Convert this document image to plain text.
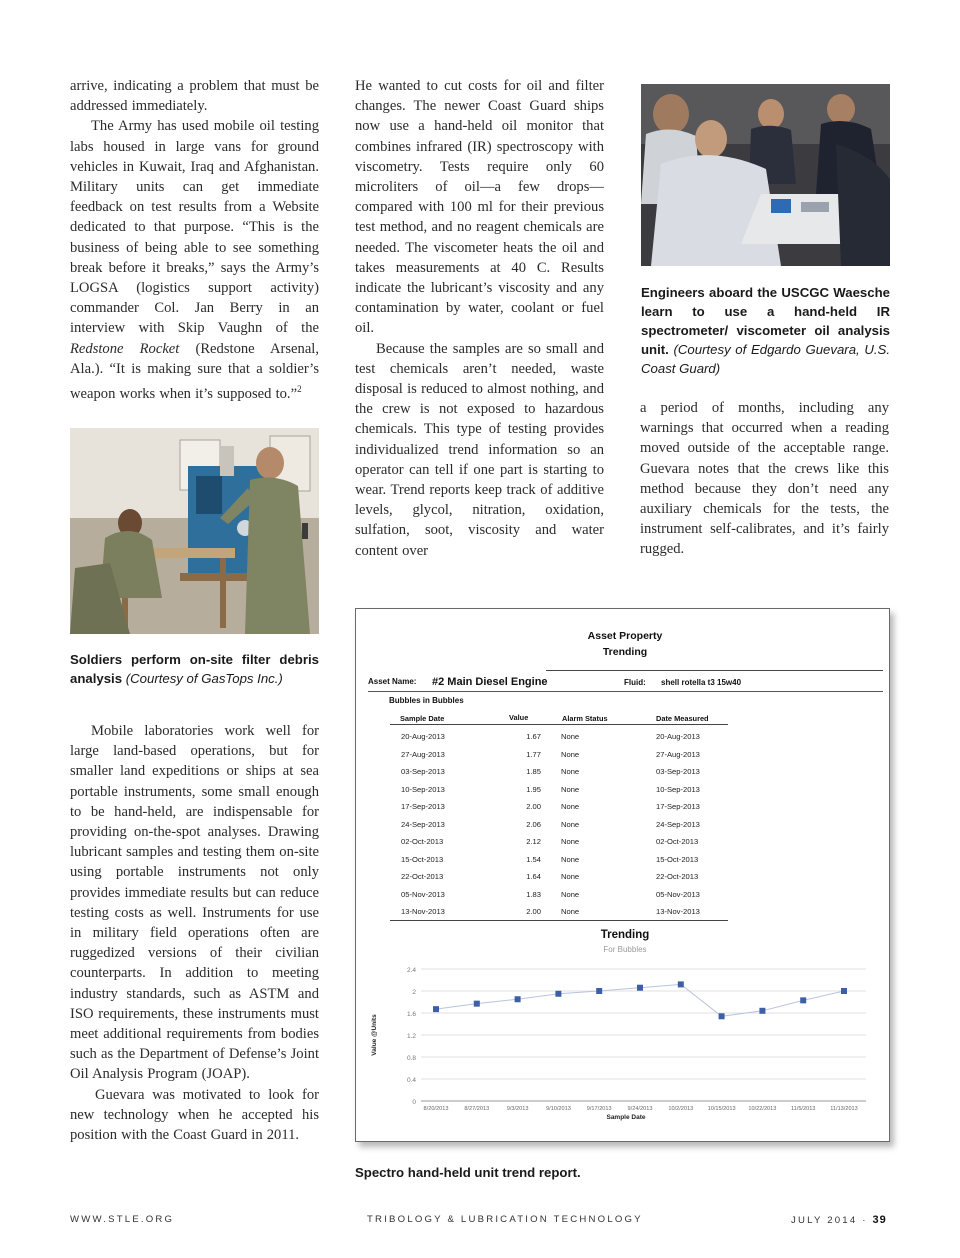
arrive, indicating a problem that must be addressed immediately.

The Army has used mobile oil testing labs housed in large vans for ground vehicles in Kuwait, Iraq and Afghanistan. Military units can get immediate feedback on test results from a Website dedicated to that purpose. “This is the business of being able to see something break before it breaks,” says the Army’s LOGSA (logistics support activity) commander Col. Jan Berry in an interview with Skip Vaughn of the Redstone Rocket (Redstone Arsenal, Ala.). “It is making sure that a soldier’s weapon works when it’s supposed to.”$^2$

Soldiers perform on-site filter debris analysis (Courtesy of GasTops Inc.)

Mobile laboratories work well for large land-based operations, but for smaller land expeditions or ships at sea portable instruments, some small enough to be hand-held, are indispensable for providing on-the-spot analyses. Drawing lubricant samples and testing them on-site using portable instruments not only provides immediate results but can reduce testing costs as well. Instruments for use in military field operations often are ruggedized versions of their civilian counterparts. In addition to meeting industry standards, such as ASTM and ISO requirements, these instruments must meet additional requirements from bodies such as the Department of Defense’s Joint Oil Analysis Program (JOAP).

Guevara was motivated to look for new technology when he accepted his position with the Coast Guard in 2011.

He wanted to cut costs for oil and filter changes. The newer Coast Guard ships now use a hand-held oil monitor that combines infrared (IR) spectroscopy with viscometry. Tests require only 60 microliters of oil—a few drops—compared with 100 ml for their previous test method, and no reagent chemicals are needed. The viscometer heats the oil and takes measurements at 40 C. Results indicate the lubricant’s viscosity and any contamination by water, coolant or fuel oil.

Because the samples are so small and test chemicals aren’t needed, waste disposal is reduced to almost nothing, and the crew is not exposed to hazardous chemicals. This type of testing provides individualized trend information so an operator can tell if one part is starting to wear. Trend reports keep track of additive levels, glycol, nitration, oxidation, sulfation, soot, viscosity and water content over

Engineers aboard the USCGC Waesche learn to use a hand-held IR spectrometer/ viscometer oil analysis unit. (Courtesy of Edgardo Guevara, U.S. Coast Guard)

a period of months, including any warnings that occurred when a reading moved outside of the acceptable range. Guevara notes that the crews like this method because they don’t need any auxiliary chemicals for the tests, the instrument self-calibrates, and it’s fairly rugged.

Asset Property
Trending
Asset Name: #2 Main Diesel Engine	Fluid: shell rotella t3 15w40
Bubbles in Bubbles
Sample Date	Value	Alarm Status	Date Measured
20-Aug-2013	1.67	None	20-Aug-2013
27-Aug-2013	1.77	None	27-Aug-2013
03-Sep-2013	1.85	None	03-Sep-2013
10-Sep-2013	1.95	None	10-Sep-2013
17-Sep-2013	2.00	None	17-Sep-2013
24-Sep-2013	2.06	None	24-Sep-2013
02-Oct-2013	2.12	None	02-Oct-2013
15-Oct-2013	1.54	None	15-Oct-2013
22-Oct-2013	1.64	None	22-Oct-2013
05-Nov-2013	1.83	None	05-Nov-2013
13-Nov-2013	2.00	None	13-Nov-2013
Trending
For Bubbles
0
0.4
0.8
1.2
1.6
2
2.4
Value @Units
8/20/2013	8/27/2013	9/3/2013	9/10/2013	9/17/2013	9/24/2013	10/2/2013	10/15/2013 10/22/2013	11/5/2013	11/13/2013
Sample Date
Spectro hand-held unit trend report.
WWW.STLE.ORG	TRIBOLOGY & LUBRICATION TECHNOLOGY	JULY 2014 · 39
